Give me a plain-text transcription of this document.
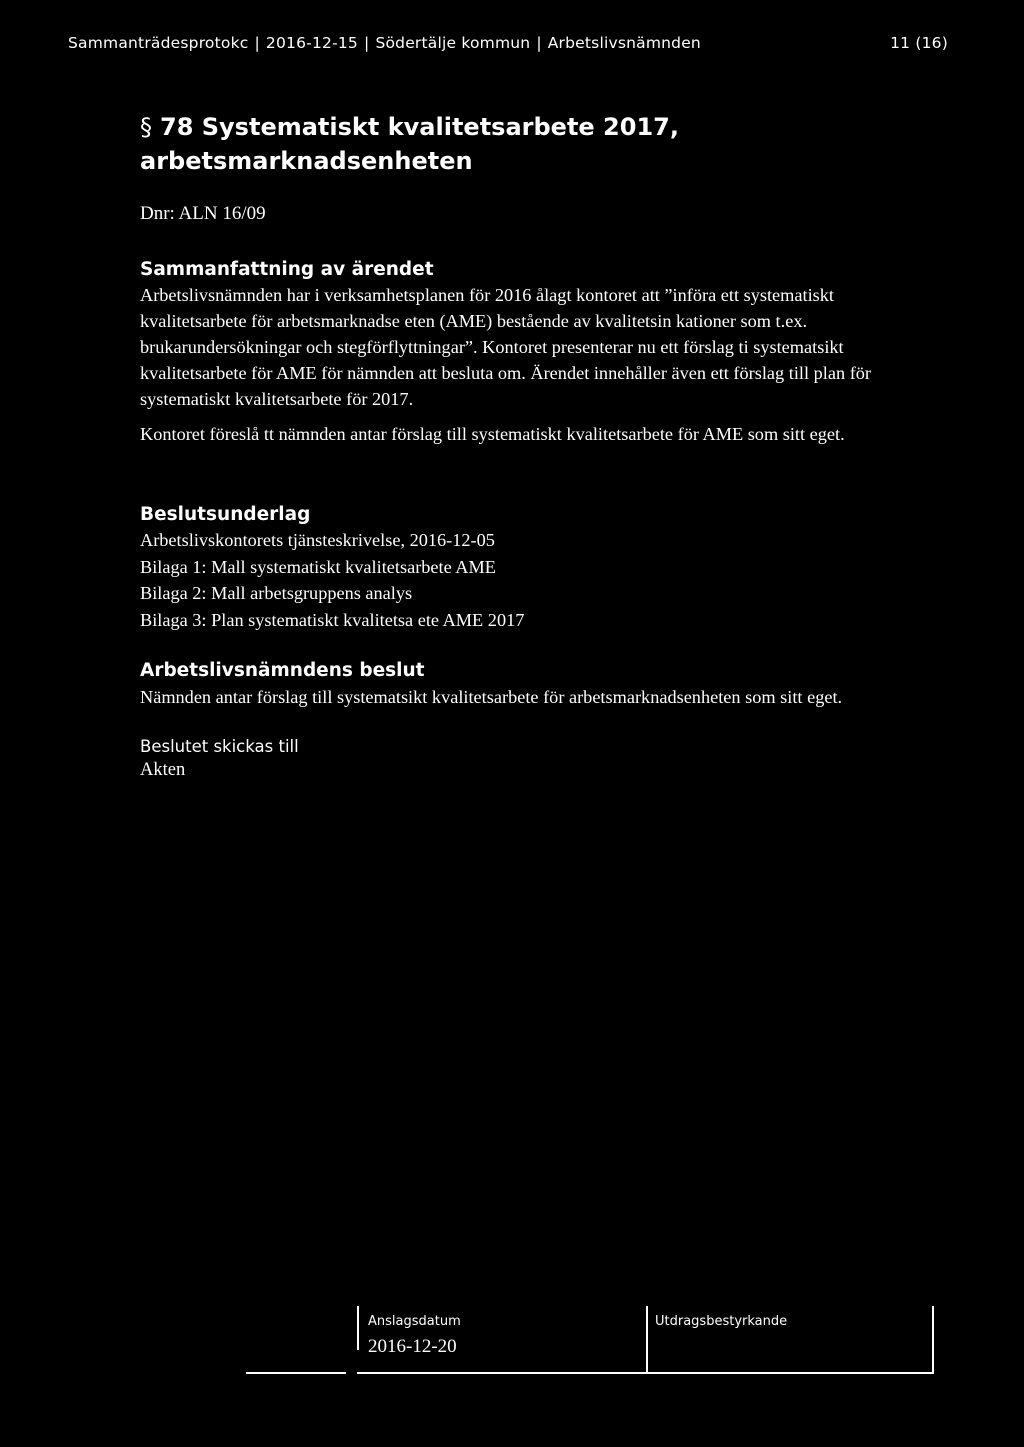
Sammanträdesprotokc | 2016-12-15 | Södertälje kommun | Arbetslivsnämnden	11 (16)
§ 78 Systematiskt kvalitetsarbete 2017, arbetsmarknadsenheten
Dnr: ALN 16/09
Sammanfattning av ärendet

Arbetslivsnämnden har i verksamhetsplanen för 2016 ålagt kontoret att ”införa ett systematiskt kvalitetsarbete för arbetsmarknadse eten (AME) bestående av kvalitetsin kationer som t.ex. brukarundersökningar och stegförflyttningar”. Kontoret presenterar nu ett förslag ti systematsikt kvalitetsarbete för AME för nämnden att besluta om. Ärendet innehåller även ett förslag till plan för systematiskt kvalitetsarbete för 2017.

Kontoret föreslå tt nämnden antar förslag till systematiskt kvalitetsarbete för AME som sitt eget.

Beslutsunderlag
Arbetslivskontorets tjänsteskrivelse, 2016-12-05
Bilaga 1: Mall systematiskt kvalitetsarbete AME
Bilaga 2: Mall arbetsgruppens analys
Bilaga 3: Plan systematiskt kvalitetsa ete AME 2017
Arbetslivsnämndens beslut
Nämnden antar förslag till systematsikt kvalitetsarbete för arbetsmarknadsenheten som sitt eget.
Beslutet skickas till
Akten
Anslagsdatum
2016-12-20
Utdragsbestyrkande
